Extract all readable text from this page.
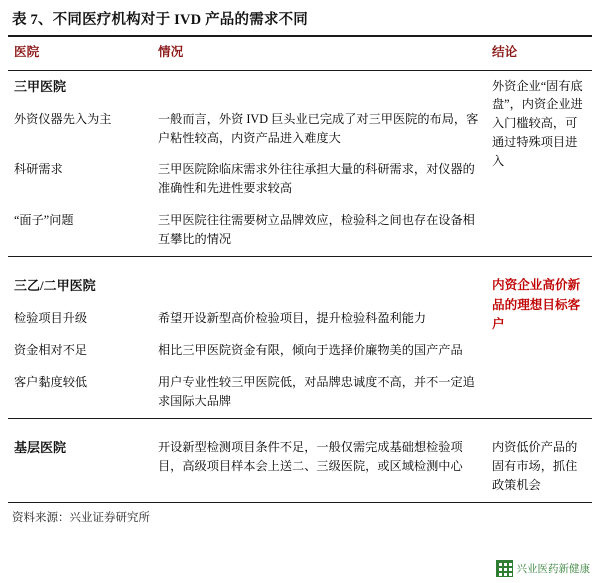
表 7、不同医疗机构对于 IVD 产品的需求不同
医院	情况	结论
三甲医院		外资企业“固有底盘”，内资企业进入门槛较高，可通过特殊项目进入
外资仪器先入为主	一般而言，外资 IVD 巨头业已完成了对三甲医院的布局，客户粘性较高，内资产品进入难度大	
科研需求	三甲医院除临床需求外往往承担大量的科研需求，对仪器的准确性和先进性要求较高	
“面子”问题	三甲医院往往需要树立品牌效应，检验科之间也存在设备相互攀比的情况	

三乙/二甲医院		内资企业高价新品的理想目标客户
检验项目升级	希望开设新型高价检验项目，提升检验科盈利能力	
资金相对不足	相比三甲医院资金有限，倾向于选择价廉物美的国产产品	
客户黏度较低	用户专业性较三甲医院低，对品牌忠诚度不高，并不一定追求国际大品牌	

基层医院	开设新型检测项目条件不足，一般仅需完成基础想检验项目，高级项目样本会上送二、三级医院，或区域检测中心	内资低价产品的固有市场，抓住政策机会
资料来源：兴业证券研究所
兴业医药新健康
